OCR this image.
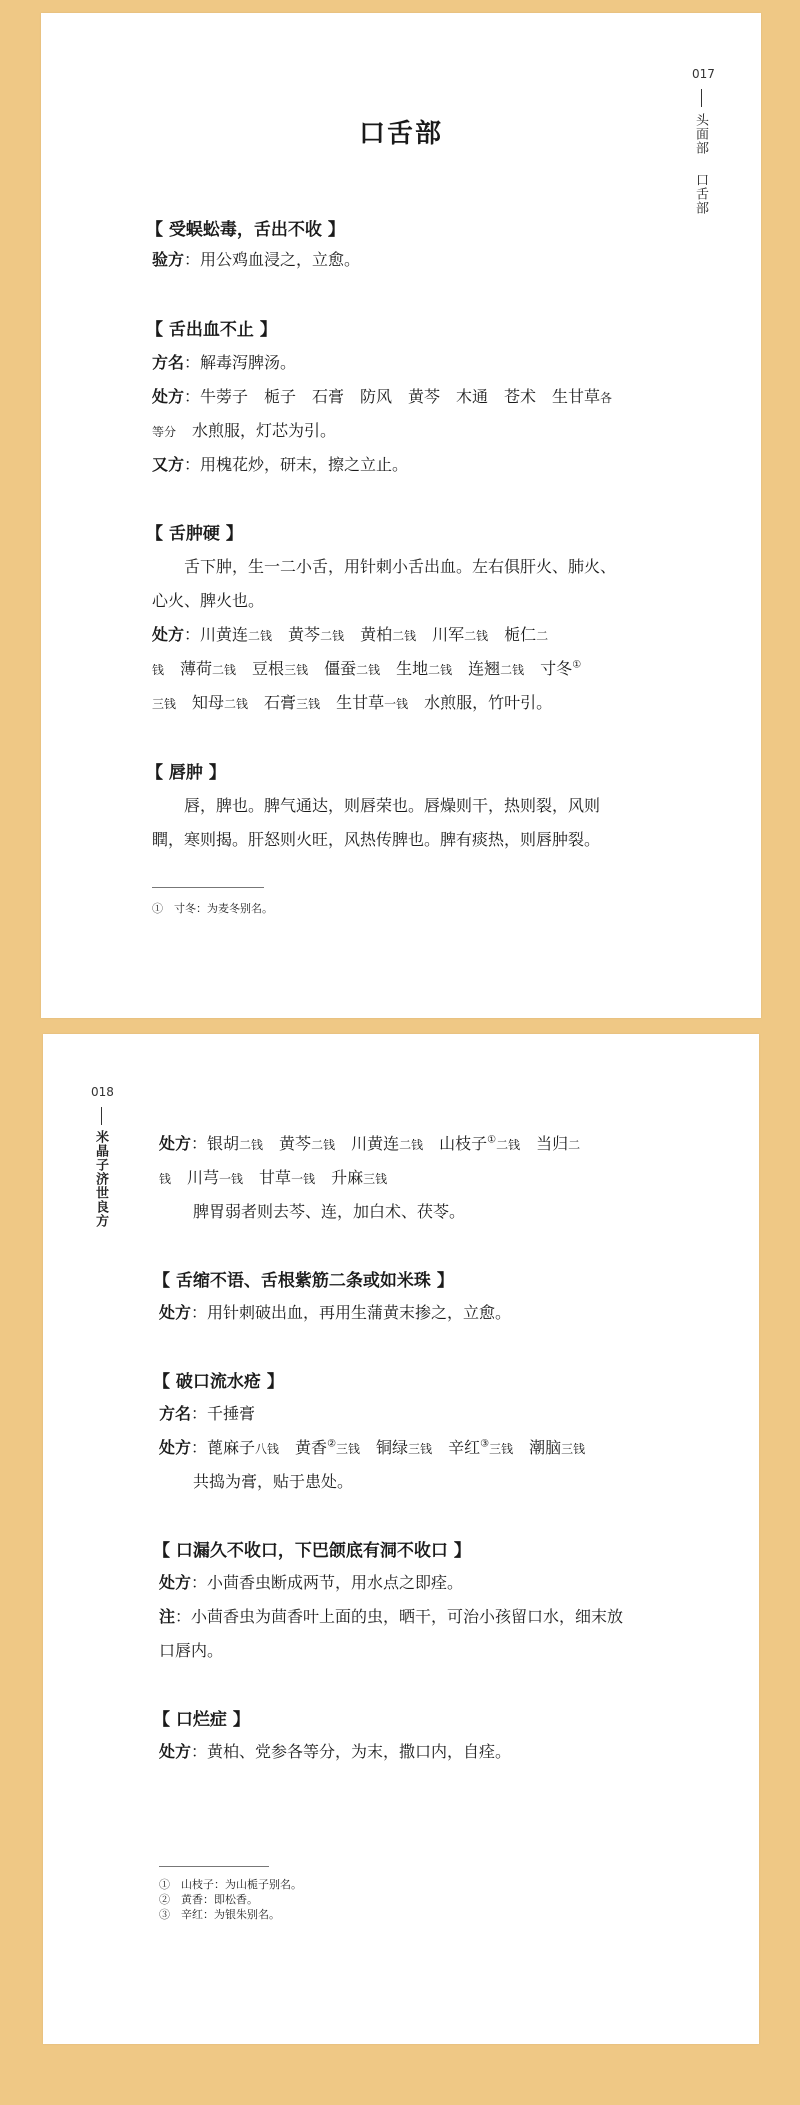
017
头面部
口舌部
口舌部
【 受蜈蚣毒，舌出不收 】
验方：用公鸡血浸之，立愈。
【 舌出血不止 】
方名：解毒泻脾汤。
处方：牛蒡子　栀子　石膏　防风　黄芩　木通　苍术　生甘草各
等分　水煎服，灯芯为引。
又方：用槐花炒，研末，擦之立止。
【 舌肿硬 】
舌下肿，生一二小舌，用针刺小舌出血。左右俱肝火、肺火、
心火、脾火也。
处方：川黄连二钱　黄芩二钱　黄柏二钱　川军二钱　栀仁二
钱　薄荷二钱　豆根三钱　僵蚕二钱　生地二钱　连翘二钱　寸冬①
三钱　知母二钱　石膏三钱　生甘草一钱　水煎服，竹叶引。
【 唇肿 】
唇，脾也。脾气通达，则唇荣也。唇燥则干，热则裂，风则
瞤，寒则揭。肝怒则火旺，风热传脾也。脾有痰热，则唇肿裂。
①　寸冬：为麦冬别名。
018
米晶子济世良方	处方：银胡二钱　黄芩二钱　川黄连二钱　山枝子①二钱　当归二
钱　川芎一钱　甘草一钱　升麻三钱
脾胃弱者则去芩、连，加白术、茯苓。
【 舌缩不语、舌根紫筋二条或如米珠 】
处方：用针刺破出血，再用生蒲黄末掺之，立愈。
【 破口流水疮 】
方名：千捶膏
处方：蓖麻子八钱　黄香②三钱　铜绿三钱　辛红③三钱　潮脑三钱
共捣为膏，贴于患处。
【 口漏久不收口，下巴颌底有洞不收口 】
处方：小茴香虫断成两节，用水点之即痊。
注：小茴香虫为茴香叶上面的虫，晒干，可治小孩留口水，细末放
口唇内。
【 口烂症 】
处方：黄柏、党参各等分，为末，撒口内，自痊。
①　山枝子：为山栀子别名。
②　黄香：即松香。
③　辛红：为银朱别名。
